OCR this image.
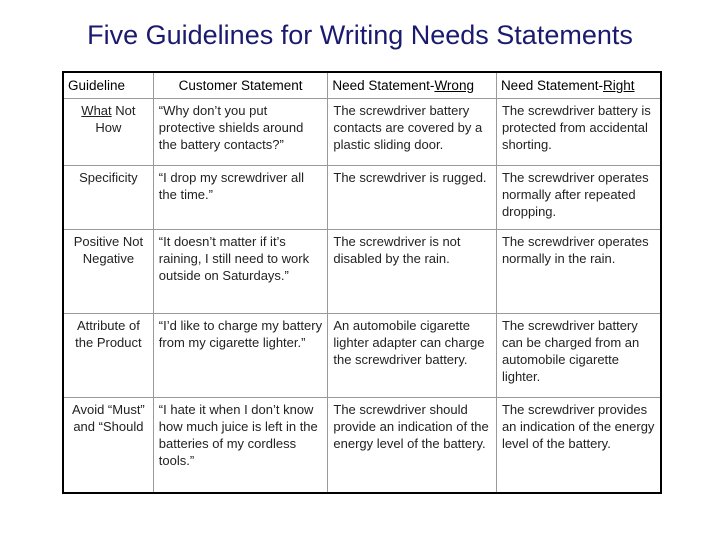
Five Guidelines for Writing Needs Statements
Guideline	Customer Statement	Need Statement-Wrong	Need Statement-Right
What Not How	“Why don’t you put protective shields around the battery contacts?”	The screwdriver battery contacts are covered by a plastic sliding door.	The screwdriver battery is protected from accidental shorting.
Specificity	“I drop my screwdriver all the time.”	The screwdriver is rugged.	The screwdriver operates normally after repeated dropping.
Positive Not Negative	“It doesn’t matter if it’s raining, I still need to work outside on Saturdays.”	The screwdriver is not disabled by the rain.	The screwdriver operates normally in the rain.
Attribute of the Product	“I’d like to charge my battery from my cigarette lighter.”	An automobile cigarette lighter adapter can charge the screwdriver battery.	The screwdriver battery can be charged from an automobile cigarette lighter.
Avoid “Must” and “Should	“I hate it when I don’t know how much juice is left in the batteries of my cordless tools.”	The screwdriver should provide an indication of the energy level of the battery.	The screwdriver provides an indication of the energy level of the battery.
